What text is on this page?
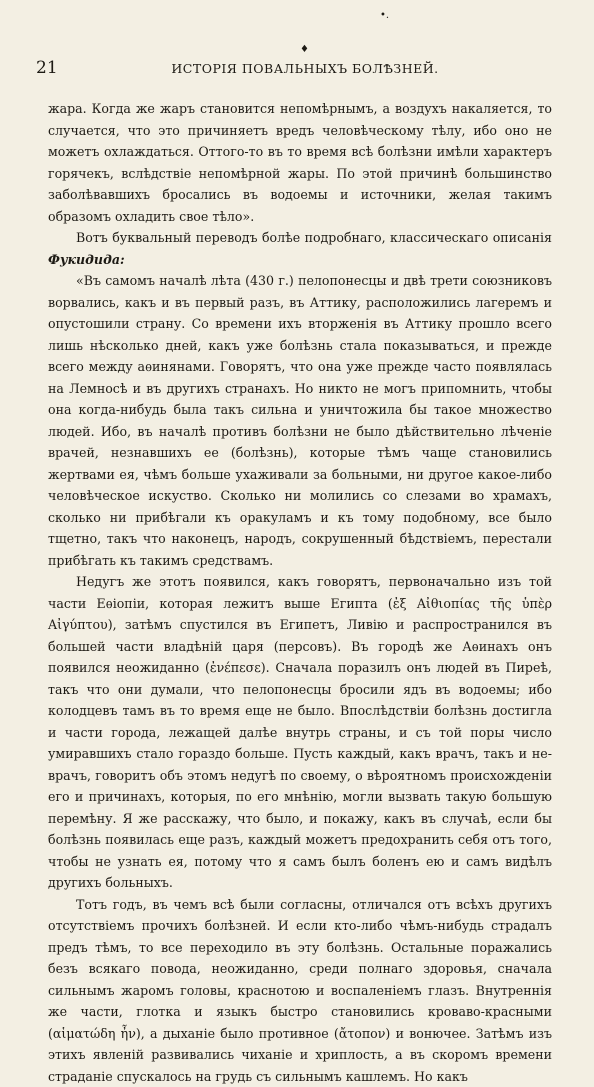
•.
♦
21	ИСТОРІЯ ПОВАЛЬНЫХЪ БОЛѢЗНЕЙ.

жара. Когда же жаръ становится непомѣрнымъ, а воздухъ накаляется, то случается, что это причиняетъ вредъ человѣческому тѣлу, ибо оно не можетъ охлаждаться. Оттого-то въ то время всѣ болѣзни имѣли характеръ горячекъ, вслѣдствіе непомѣрной жары. По этой причинѣ большинство заболѣвавшихъ бросались въ водоемы и источники, желая такимъ образомъ охладить свое тѣло».

Вотъ буквальный переводъ болѣе подробнаго, классическаго описанія Фукидида:

«Въ самомъ началѣ лѣта (430 г.) пелопонесцы и двѣ трети союзниковъ ворвались, какъ и въ первый разъ, въ Аттику, расположились лагеремъ и опустошили страну. Со времени ихъ вторженія въ Аттику прошло всего лишь нѣсколько дней, какъ уже болѣзнь стала показываться, и прежде всего между аѳинянами. Говорятъ, что она уже прежде часто появлялась на Лемносѣ и въ другихъ странахъ. Но никто не могъ припомнить, чтобы она когда-нибудь была такъ сильна и уничтожила бы такое множество людей. Ибо, въ началѣ противъ болѣзни не было дѣйствительно лѣченіе врачей, незнавшихъ ее (болѣзнь), которые тѣмъ чаще становились жертвами ея, чѣмъ больше ухаживали за больными, ни другое какое-либо человѣческое искуство. Сколько ни молились со слезами во храмахъ, сколько ни прибѣгали къ оракуламъ и къ тому подобному, все было тщетно, такъ что наконецъ, народъ, сокрушенный бѣдствіемъ, перестали прибѣгать къ такимъ средствамъ.

Недугъ же этотъ появился, какъ говорятъ, первоначально изъ той части Еѳіопіи, которая лежитъ выше Египта (ἐξ Αἰθιοπίας τῆς ὑπὲρ Αἰγύπτου), затѣмъ спустился въ Египетъ, Ливію и распространился въ большей части владѣній царя (персовъ). Въ городѣ же Аѳинахъ онъ появился неожиданно (ἐνέπεσε). Сначала поразилъ онъ людей въ Пиреѣ, такъ что они думали, что пелопонесцы бросили ядъ въ водоемы; ибо колодцевъ тамъ въ то время еще не было. Впослѣдствіи болѣзнь достигла и части города, лежащей далѣе внутрь страны, и съ той поры число умиравшихъ стало гораздо больше. Пусть каждый, какъ врачъ, такъ и не-врачъ, говоритъ объ этомъ недугѣ по своему, о вѣроятномъ происхожденіи его и причинахъ, которыя, по его мнѣнію, могли вызвать такую большую перемѣну. Я же расскажу, что было, и покажу, какъ въ случаѣ, если бы болѣзнь появилась еще разъ, каждый можетъ предохранить себя отъ того, чтобы не узнать ея, потому что я самъ былъ боленъ ею и самъ видѣлъ другихъ больныхъ.

Тотъ годъ, въ чемъ всѣ были согласны, отличался отъ всѣхъ другихъ отсутствіемъ прочихъ болѣзней. И если кто-либо чѣмъ-нибудь страдалъ предъ тѣмъ, то все переходило въ эту болѣзнь. Остальные поражались безъ всякаго повода, неожиданно, среди полнаго здоровья, сначала сильнымъ жаромъ головы, краснотою и воспаленіемъ глазъ. Внутреннія же части, глотка и языкъ быстро становились кроваво-красными (αἱματώδη ἦν), а дыханіе было противное (ἄτοπον) и вонючее. Затѣмъ изъ этихъ явленій развивались чиханіе и хриплость, а въ скоромъ времени страданіе спускалось на грудь съ сильнымъ кашлемъ. Но какъ
